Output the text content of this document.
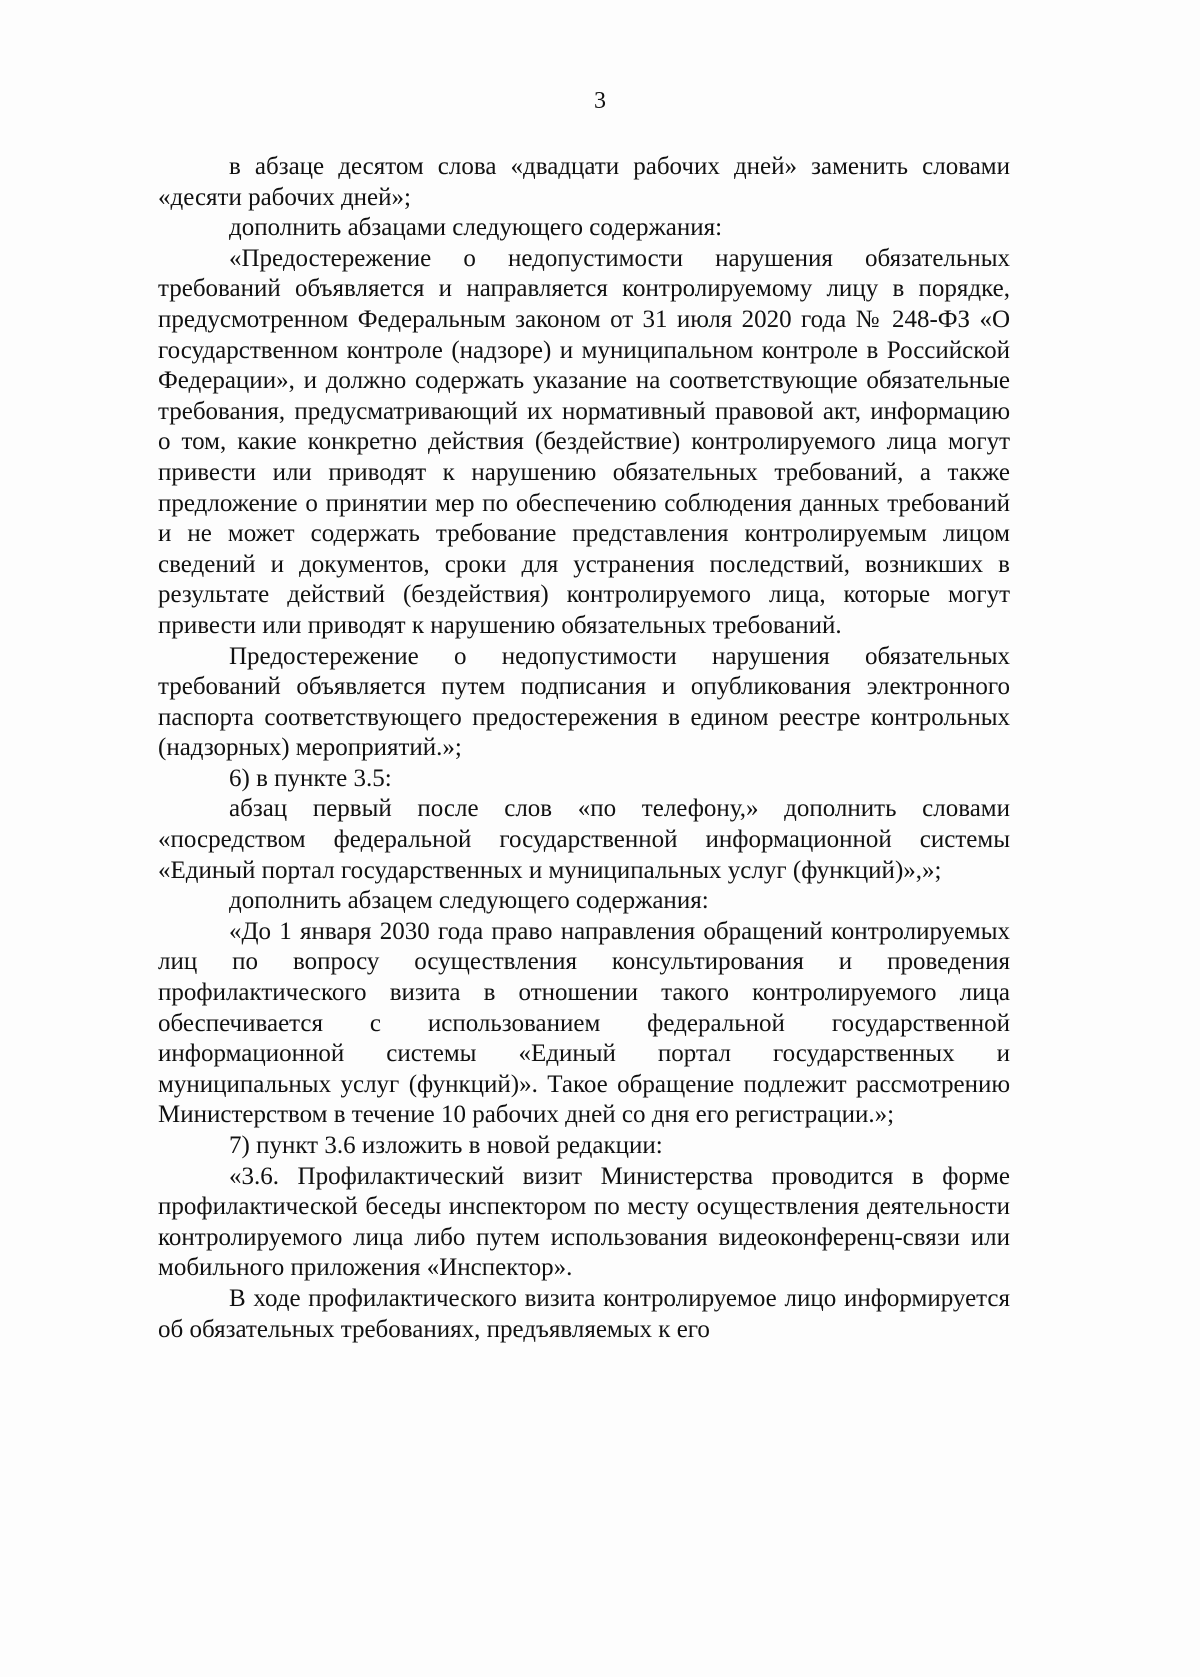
3

в абзаце десятом слова «двадцати рабочих дней» заменить словами «десяти рабочих дней»;

дополнить абзацами следующего содержания:

«Предостережение о недопустимости нарушения обязательных требований объявляется и направляется контролируемому лицу в порядке, предусмотренном Федеральным законом от 31 июля 2020 года № 248-ФЗ «О государственном контроле (надзоре) и муниципальном контроле в Российской Федерации», и должно содержать указание на соответствующие обязательные требования, предусматривающий их нормативный правовой акт, информацию о том, какие конкретно действия (бездействие) контролируемого лица могут привести или приводят к нарушению обязательных требований, а также предложение о принятии мер по обеспечению соблюдения данных требований и не может содержать требование представления контролируемым лицом сведений и документов, сроки для устранения последствий, возникших в результате действий (бездействия) контролируемого лица, которые могут привести или приводят к нарушению обязательных требований.

Предостережение о недопустимости нарушения обязательных требований объявляется путем подписания и опубликования электронного паспорта соответствующего предостережения в едином реестре контрольных (надзорных) мероприятий.»;

6) в пункте 3.5:

абзац первый после слов «по телефону,» дополнить словами «посредством федеральной государственной информационной системы «Единый портал государственных и муниципальных услуг (функций)»,»;

дополнить абзацем следующего содержания:

«До 1 января 2030 года право направления обращений контролируемых лиц по вопросу осуществления консультирования и проведения профилактического визита в отношении такого контролируемого лица обеспечивается с использованием федеральной государственной информационной системы «Единый портал государственных и муниципальных услуг (функций)». Такое обращение подлежит рассмотрению Министерством в течение 10 рабочих дней со дня его регистрации.»;

7) пункт 3.6 изложить в новой редакции:

«3.6. Профилактический визит Министерства проводится в форме профилактической беседы инспектором по месту осуществления деятельности контролируемого лица либо путем использования видеоконференц-связи или мобильного приложения «Инспектор».

В ходе профилактического визита контролируемое лицо информируется об обязательных требованиях, предъявляемых к его
